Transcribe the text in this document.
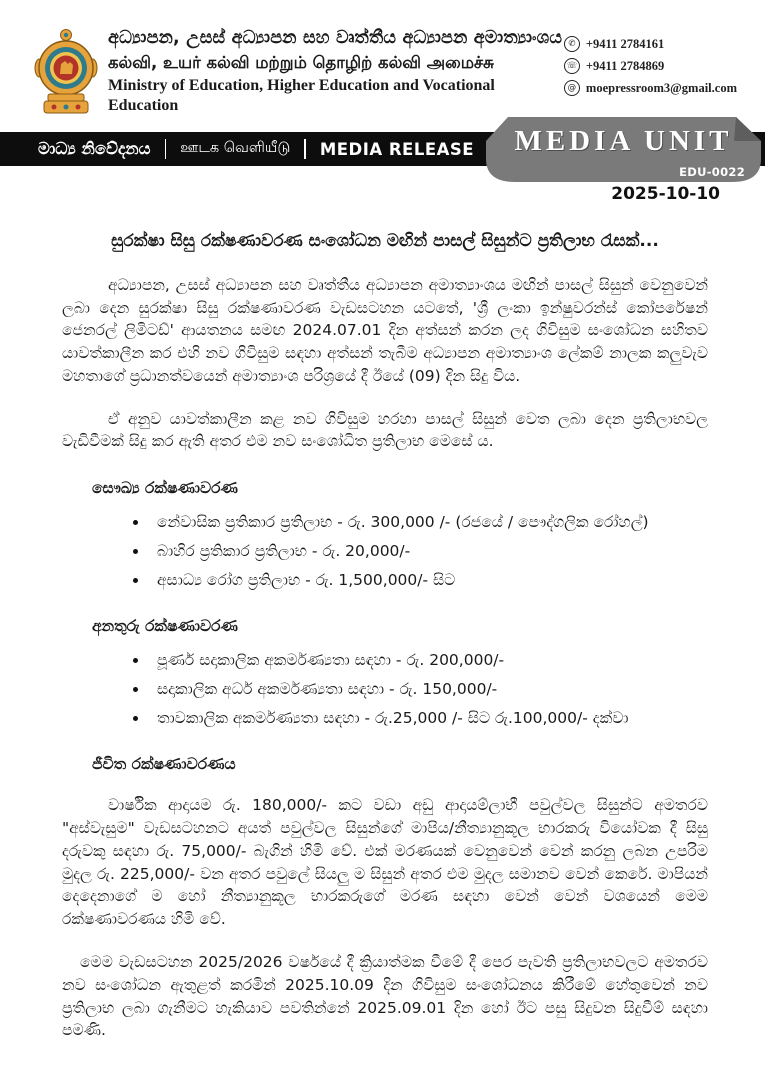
අධ්‍යාපන, උසස් අධ්‍යාපන සහ වෘත්තීය අධ්‍යාපන අමාත්‍යාංශය
கல்வி, உயர் கல்வி மற்றும் தொழிற் கல்வி அமைச்சு
Ministry of Education, Higher Education and Vocational Education
✆ +9411 2784161
☏ +9411 2784869
@ moepressroom3@gmail.com
මාධ්‍ය නිවේදනය ஊடக வெளியீடு MEDIA RELEASE	MEDIA UNIT
EDU-0022
2025-10-10
සුරක්ෂා සිසු රක්ෂණාවරණ සංශෝධන මඟින් පාසල් සිසුන්ට ප්‍රතිලාභ රැසක්...

අධ්‍යාපන, උසස් අධ්‍යාපන සහ වෘත්තීය අධ්‍යාපන අමාත්‍යාංශය මඟින් පාසල් සිසුන් වෙනුවෙන් ලබා දෙන සුරක්ෂා සිසු රක්ෂණාවරණ වැඩසටහන යටතේ, 'ශ්‍රී ලංකා ඉන්ෂුවරන්ස් කෝපරේෂන් ජෙනරල් ලිමිටඩ්' ආයතනය සමඟ 2024.07.01 දින අත්සන් කරන ලද ගිවිසුම සංශෝධන සහිතව යාවත්කාලීන කර එහි නව ගිවිසුම සඳහා අත්සන් තැබීම අධ්‍යාපන අමාත්‍යාංශ ලේකම් නාලක කලුවැව මහතාගේ ප්‍රධානත්වයෙන් අමාත්‍යාංශ පරිශ්‍රයේ දී ඊයේ (09) දින සිදු විය.

ඒ අනුව යාවත්කාලීන කළ නව ගිවිසුම හරහා පාසල් සිසුන් වෙත ලබා දෙන ප්‍රතිලාභවල වැඩිවීමක් සිදු කර ඇති අතර එම නව සංශෝධිත ප්‍රතිලාභ මෙසේ ය.

සෞඛ්‍ය රක්ෂණාවරණ
නේවාසික ප්‍රතිකාර ප්‍රතිලාභ - රු. 300,000 /- (රජයේ / පෞද්ගලික රෝහල්)
බාහිර ප්‍රතිකාර ප්‍රතිලාභ - රු. 20,000/-
අසාධ්‍ය රෝග ප්‍රතිලාභ - රු. 1,500,000/- සිට
අනතුරු රක්ෂණාවරණ
පූර්ණ සදාකාලික අකර්මණ්‍යතා සඳහා - රු. 200,000/-
සදාකාලික අර්ධ අකර්මණ්‍යතා සඳහා - රු. 150,000/-
තාවකාලික අකර්මණ්‍යතා සඳහා - රු.25,000 /- සිට රු.100,000/- දක්වා
ජීවිත රක්ෂණාවරණය

වාර්ෂික ආදායම රු. 180,000/- කට වඩා අඩු ආදායම්ලාභී පවුල්වල සිසුන්ට අමතරව "අස්වැසුම" වැඩසටහනට අයත් පවුල්වල සිසුන්ගේ මාපිය/නීත්‍යානුකූල භාරකරු වියෝවක දී සිසු දරුවකු සඳහා රු. 75,000/- බැගින් හිමි වේ. එක් මරණයක් වෙනුවෙන් වෙන් කරනු ලබන උපරිම මුදල රු. 225,000/- වන අතර පවුලේ සියලු ම සිසුන් අතර එම මුදල සමානව වෙන් කෙරේ. මාපියන් දෙදෙනාගේ ම හෝ නීත්‍යානුකූල භාරකරුගේ මරණ සඳහා වෙන් වෙන් වශයෙන් මෙම රක්ෂණාවරණය හිමි වේ.

මෙම වැඩසටහන 2025/2026 වර්ෂයේ දී ක්‍රියාත්මක වීමේ දී පෙර පැවති ප්‍රතිලාභවලට අමතරව නව සංශෝධන ඇතුළත් කරමින් 2025.10.09 දින ගිවිසුම සංශෝධනය කිරීමේ හේතුවෙන් නව ප්‍රතිලාභ ලබා ගැනීමට හැකියාව පවතින්නේ 2025.09.01 දින හෝ ඊට පසු සිදුවන සිදුවීම් සඳහා පමණි.
